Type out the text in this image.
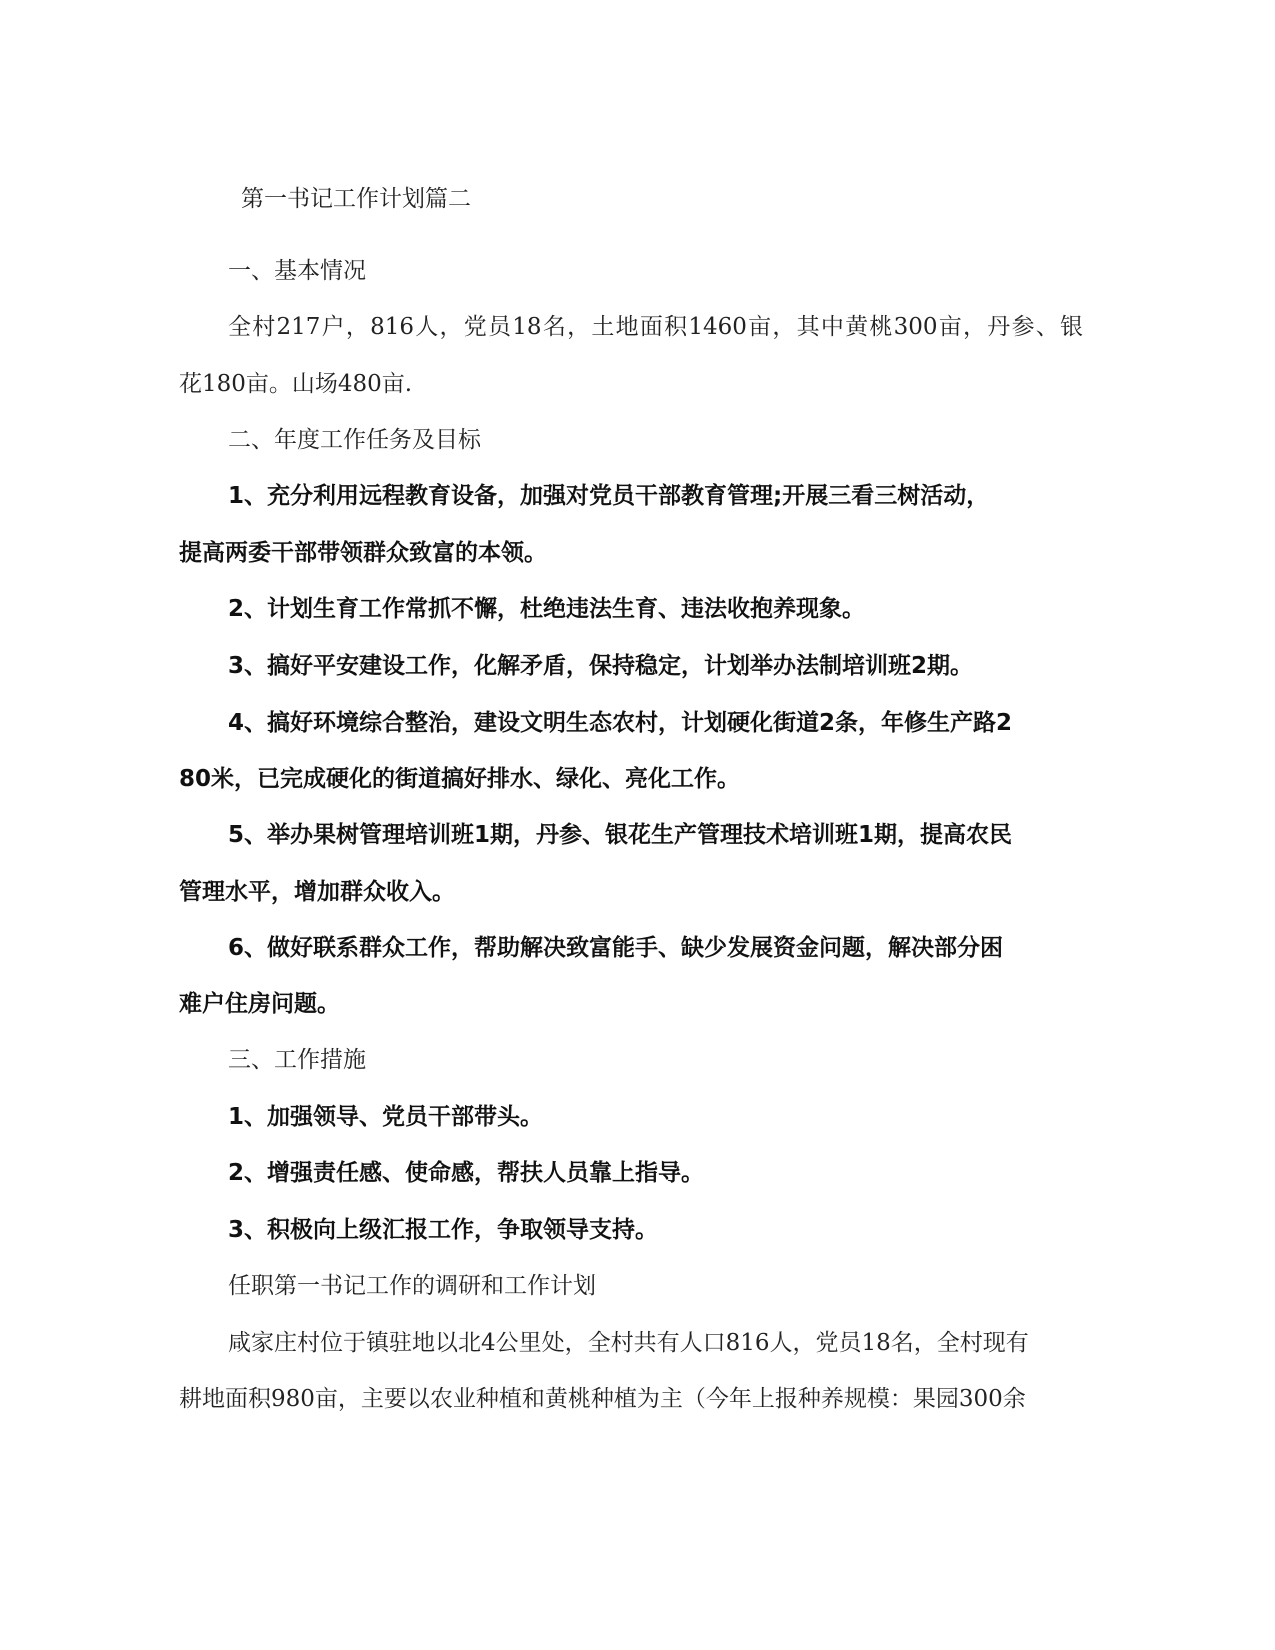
第一书记工作计划篇二
一、基本情况
全村217户，816人，党员18名，土地面积1460亩，其中黄桃300亩，丹参、银
花180亩。山场480亩.
二、年度工作任务及目标
1、充分利用远程教育设备，加强对党员干部教育管理;开展三看三树活动，
提高两委干部带领群众致富的本领。
2、计划生育工作常抓不懈，杜绝违法生育、违法收抱养现象。
3、搞好平安建设工作，化解矛盾，保持稳定，计划举办法制培训班2期。
4、搞好环境综合整治，建设文明生态农村，计划硬化街道2条，年修生产路2
80米，已完成硬化的街道搞好排水、绿化、亮化工作。
5、举办果树管理培训班1期，丹参、银花生产管理技术培训班1期，提高农民
管理水平，增加群众收入。
6、做好联系群众工作，帮助解决致富能手、缺少发展资金问题，解决部分困
难户住房问题。
三、工作措施
1、加强领导、党员干部带头。
2、增强责任感、使命感，帮扶人员靠上指导。
3、积极向上级汇报工作，争取领导支持。
任职第一书记工作的调研和工作计划
咸家庄村位于镇驻地以北4公里处，全村共有人口816人，党员18名，全村现有
耕地面积980亩，主要以农业种植和黄桃种植为主（今年上报种养规模：果园300余
